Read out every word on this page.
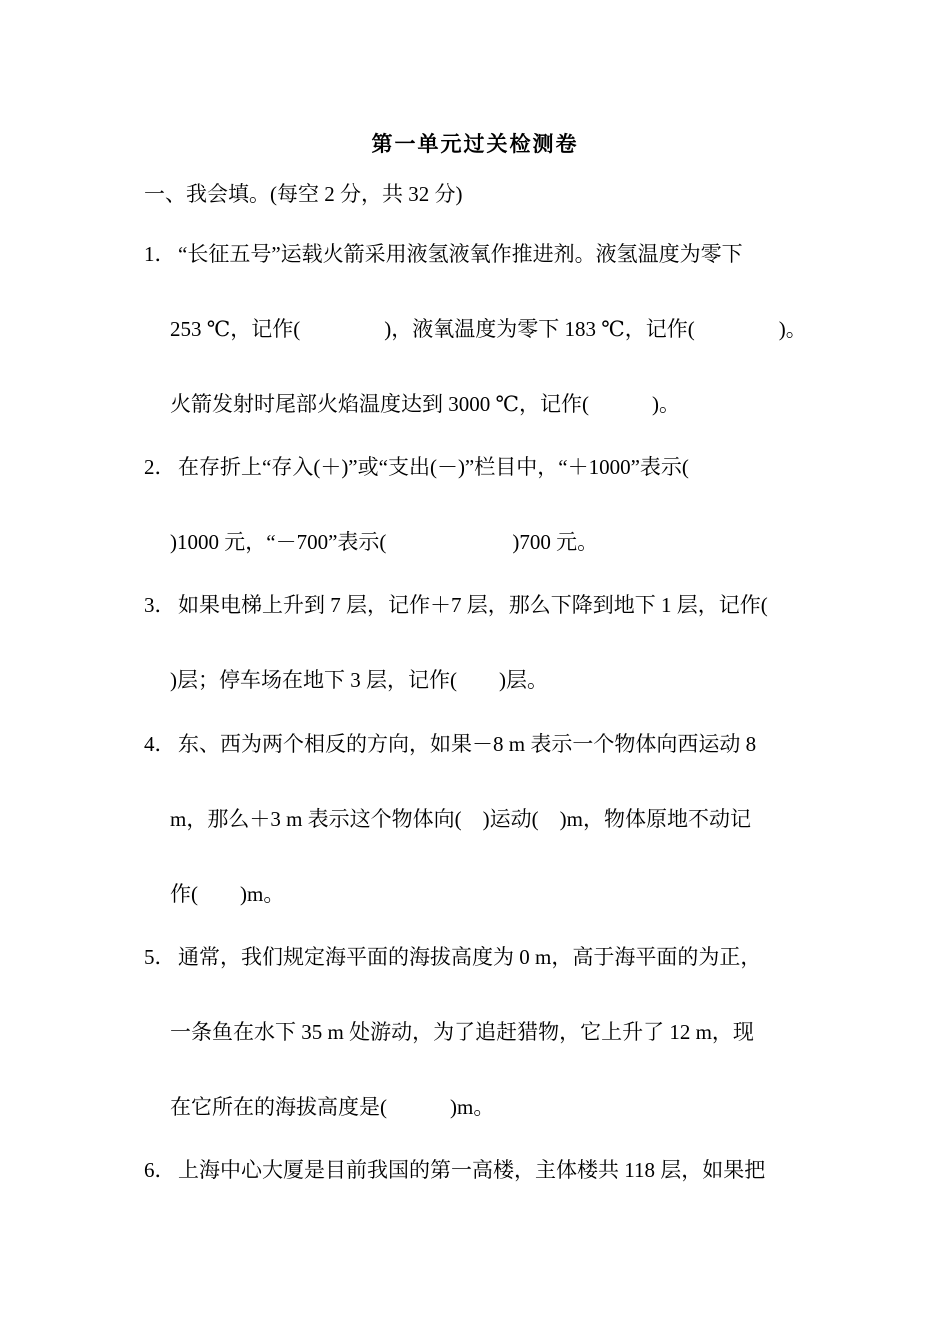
第一单元过关检测卷
一、我会填。(每空 2 分，共 32 分)
1． “长征五号”运载火箭采用液氢液氧作推进剂。液氢温度为零下
253 ℃，记作(　　　　)，液氧温度为零下 183 ℃，记作(　　　　)。
火箭发射时尾部火焰温度达到 3000 ℃，记作(　　　)。
2． 在存折上“存入(＋)”或“支出(－)”栏目中，“＋1000”表示(
)1000 元，“－700”表示(　　　　　　)700 元。
3． 如果电梯上升到 7 层，记作＋7 层，那么下降到地下 1 层，记作(
)层；停车场在地下 3 层，记作(　　)层。
4． 东、西为两个相反的方向，如果－8 m 表示一个物体向西运动 8
m，那么＋3 m 表示这个物体向(　)运动(　)m，物体原地不动记
作(　　)m。
5． 通常，我们规定海平面的海拔高度为 0 m，高于海平面的为正，
一条鱼在水下 35 m 处游动，为了追赶猎物，它上升了 12 m，现
在它所在的海拔高度是(　　　)m。
6． 上海中心大厦是目前我国的第一高楼，主体楼共 118 层，如果把
